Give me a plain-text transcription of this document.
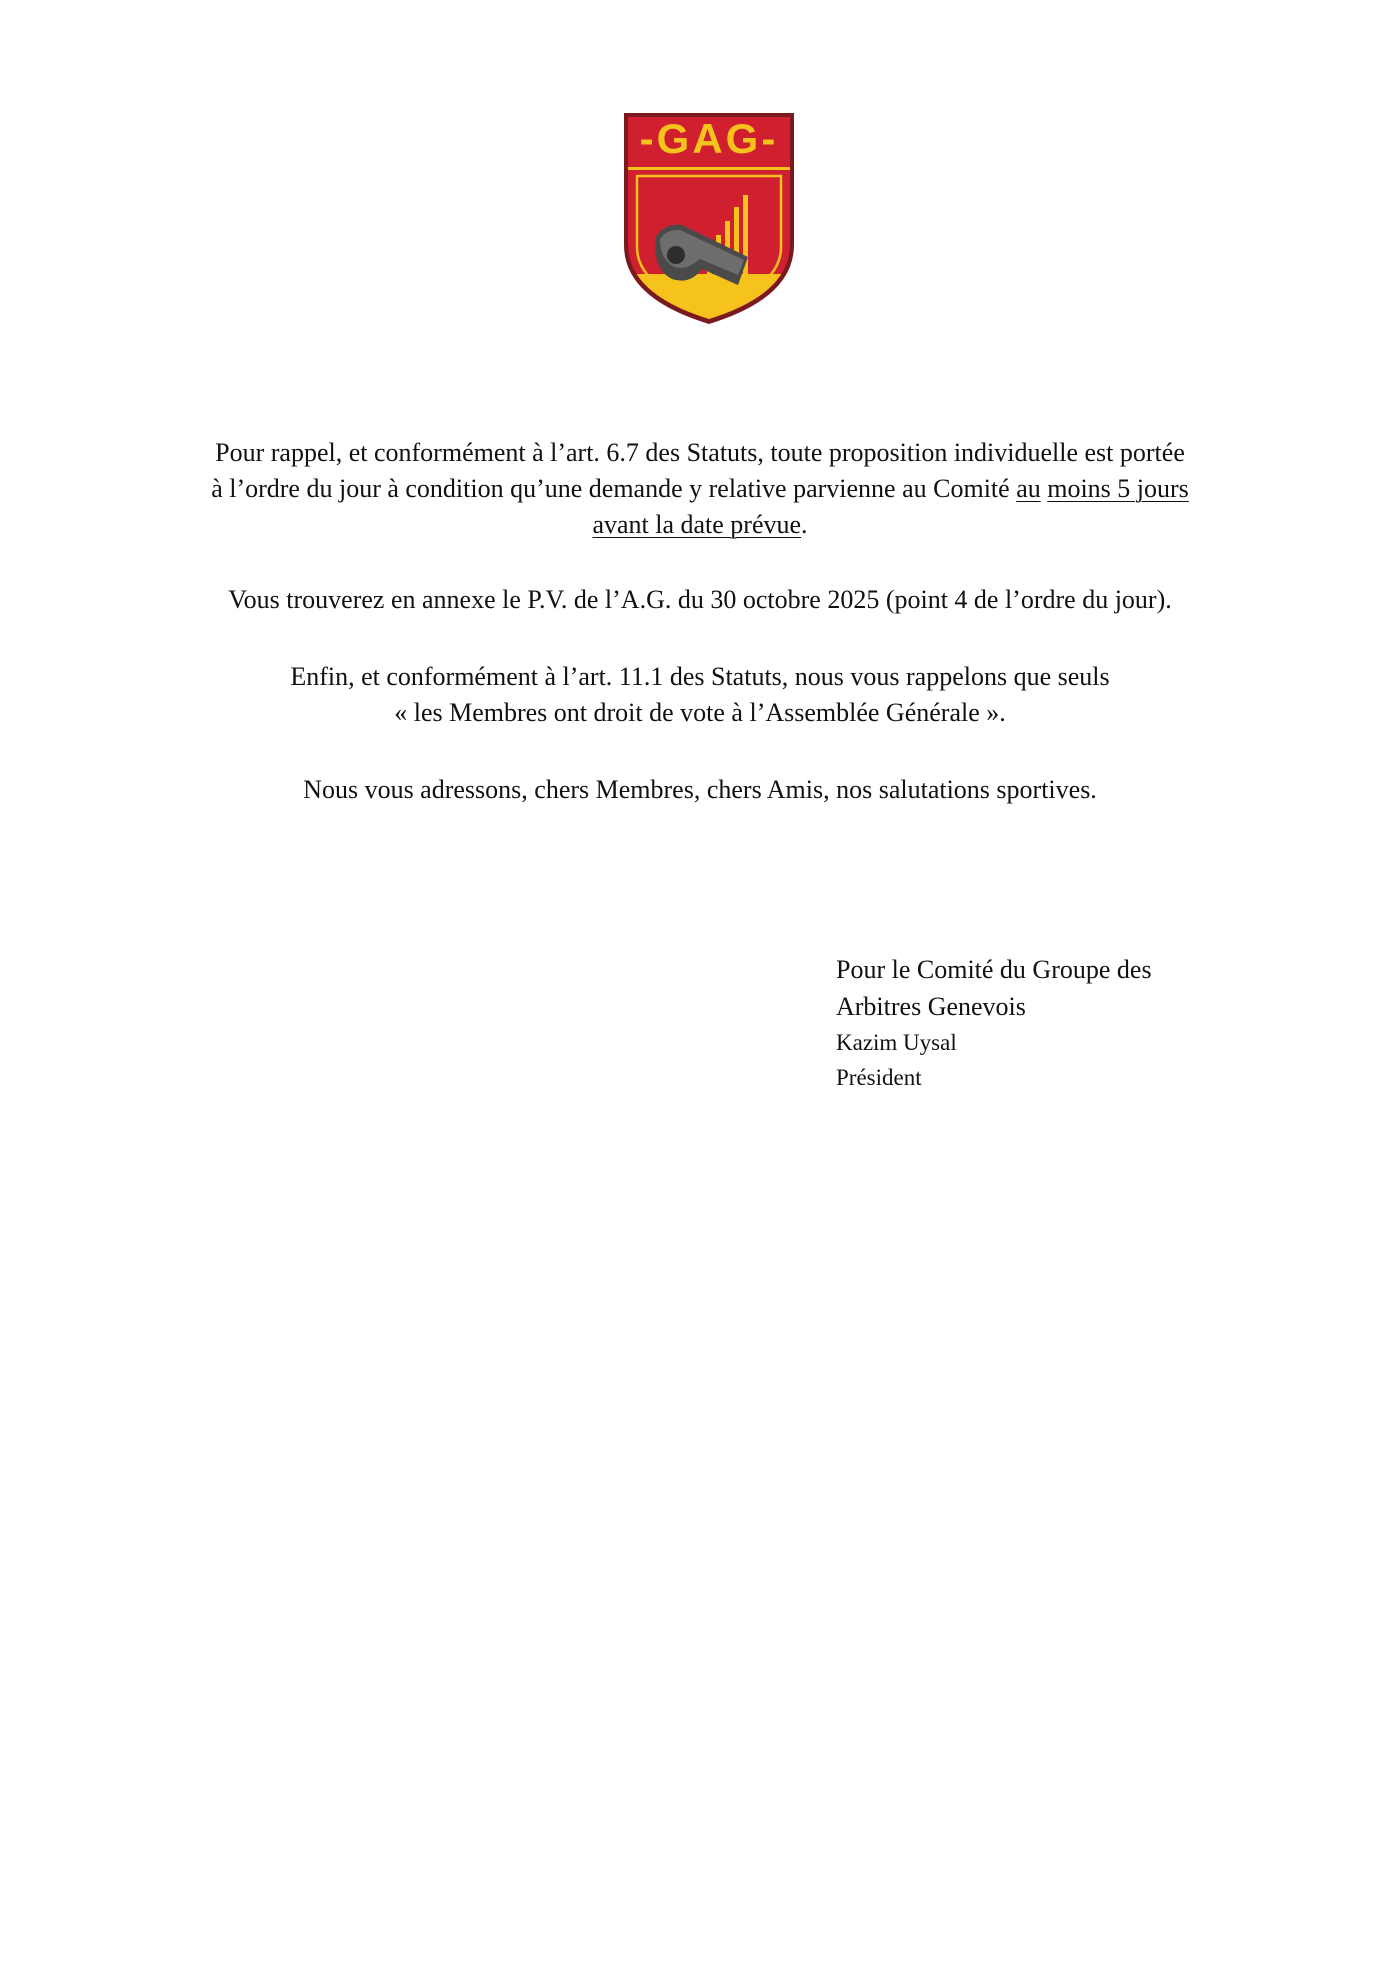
-GAG-
Pour rappel, et conformément à l’art. 6.7 des Statuts, toute proposition individuelle est portée
à l’ordre du jour à condition qu’une demande y relative parvienne au Comité au moins 5 jours
avant la date prévue.
Vous trouverez en annexe le P.V. de l’A.G. du 30 octobre 2025 (point 4 de l’ordre du jour).
Enfin, et conformément à l’art. 11.1 des Statuts, nous vous rappelons que seuls
« les Membres ont droit de vote à l’Assemblée Générale ».
Nous vous adressons, chers Membres, chers Amis, nos salutations sportives.
Pour le Comité du Groupe des
Arbitres Genevois
Kazim Uysal
Président
